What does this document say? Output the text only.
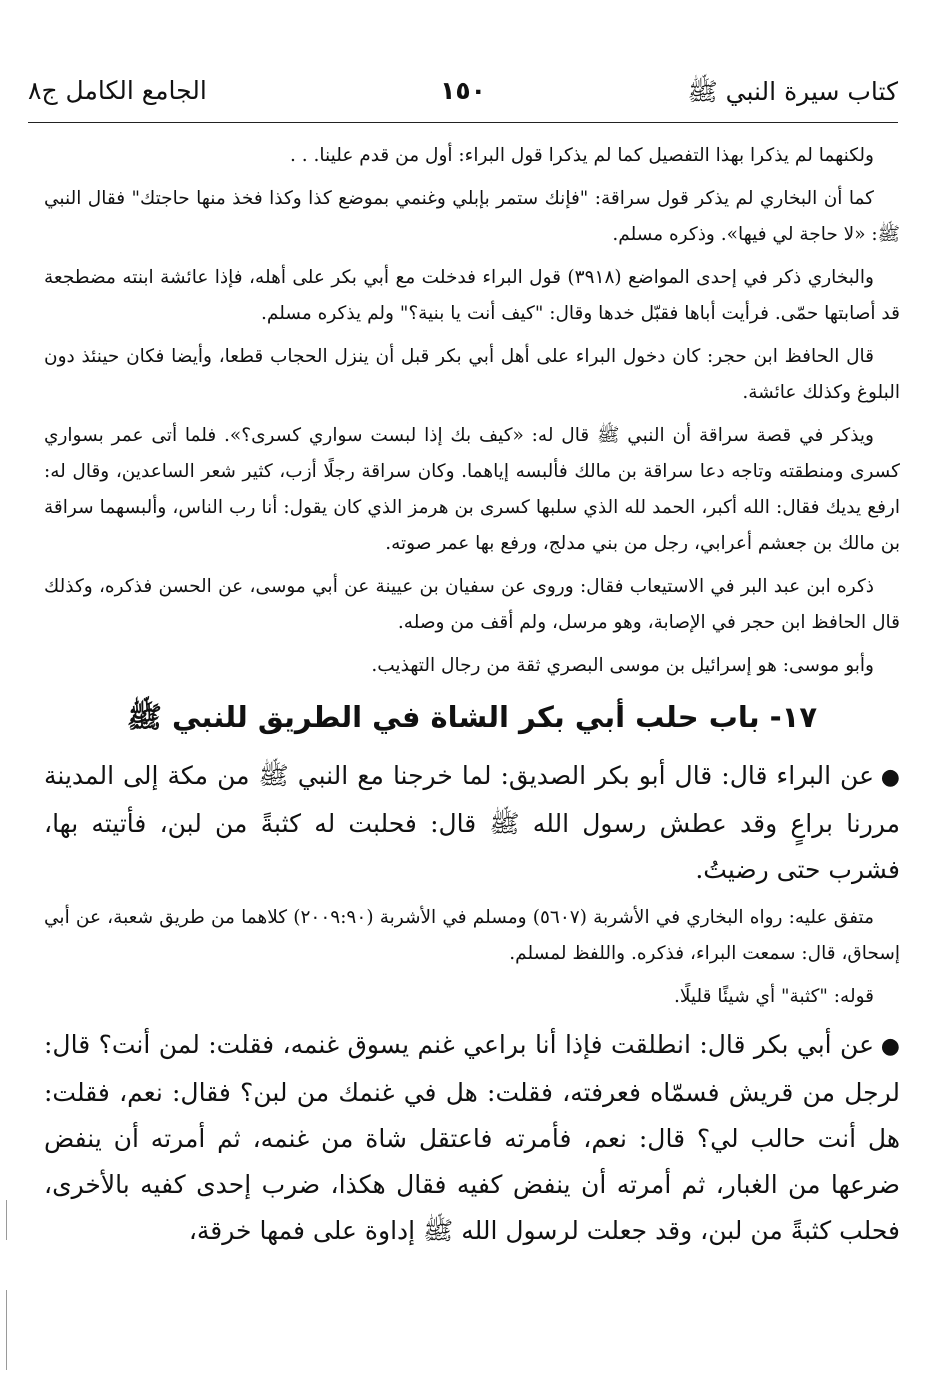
كتاب سيرة النبي ﷺ
١٥٠
الجامع الكامل ج٨

ولكنهما لم يذكرا بهذا التفصيل كما لم يذكرا قول البراء: أول من قدم علينا. . .

كما أن البخاري لم يذكر قول سراقة: "فإنك ستمر بإبلي وغنمي بموضع كذا وكذا فخذ منها حاجتك" فقال النبي ﷺ: «لا حاجة لي فيها». وذكره مسلم.

والبخاري ذكر في إحدى المواضع (٣٩١٨) قول البراء فدخلت مع أبي بكر على أهله، فإذا عائشة ابنته مضطجعة قد أصابتها حمّى. فرأيت أباها فقبّل خدها وقال: "كيف أنت يا بنية؟" ولم يذكره مسلم.

قال الحافظ ابن حجر: كان دخول البراء على أهل أبي بكر قبل أن ينزل الحجاب قطعا، وأيضا فكان حينئذ دون البلوغ وكذلك عائشة.

ويذكر في قصة سراقة أن النبي ﷺ قال له: «كيف بك إذا لبست سواري كسرى؟». فلما أتى عمر بسواري كسرى ومنطقته وتاجه دعا سراقة بن مالك فألبسه إياهما. وكان سراقة رجلًا أزب، كثير شعر الساعدين، وقال له: ارفع يديك فقال: الله أكبر، الحمد لله الذي سلبها كسرى بن هرمز الذي كان يقول: أنا رب الناس، وألبسهما سراقة بن مالك بن جعشم أعرابي، رجل من بني مدلج، ورفع بها عمر صوته.

ذكره ابن عبد البر في الاستيعاب فقال: وروى عن سفيان بن عيينة عن أبي موسى، عن الحسن فذكره، وكذلك قال الحافظ ابن حجر في الإصابة، وهو مرسل، ولم أقف من وصله.

وأبو موسى: هو إسرائيل بن موسى البصري ثقة من رجال التهذيب.

١٧-باب حلب أبي بكر الشاة في الطريق للنبي ﷺ

●عن البراء قال: قال أبو بكر الصديق: لما خرجنا مع النبي ﷺ من مكة إلى المدينة مررنا براعٍ وقد عطش رسول الله ﷺ قال: فحلبت له كثبةً من لبن، فأتيته بها، فشرب حتى رضيتُ.

متفق عليه: رواه البخاري في الأشربة (٥٦٠٧) ومسلم في الأشربة (٢٠٠٩:٩٠) كلاهما من طريق شعبة، عن أبي إسحاق، قال: سمعت البراء، فذكره. واللفظ لمسلم.

قوله: "كثبة" أي شيئًا قليلًا.

●عن أبي بكر قال: انطلقت فإذا أنا براعي غنم يسوق غنمه، فقلت: لمن أنت؟ قال: لرجل من قريش فسمّاه فعرفته، فقلت: هل في غنمك من لبن؟ فقال: نعم، فقلت: هل أنت حالب لي؟ قال: نعم، فأمرته فاعتقل شاة من غنمه، ثم أمرته أن ينفض ضرعها من الغبار، ثم أمرته أن ينفض كفيه فقال هكذا، ضرب إحدى كفيه بالأخرى، فحلب كثبةً من لبن، وقد جعلت لرسول الله ﷺ إداوة على فمها خرقة،
